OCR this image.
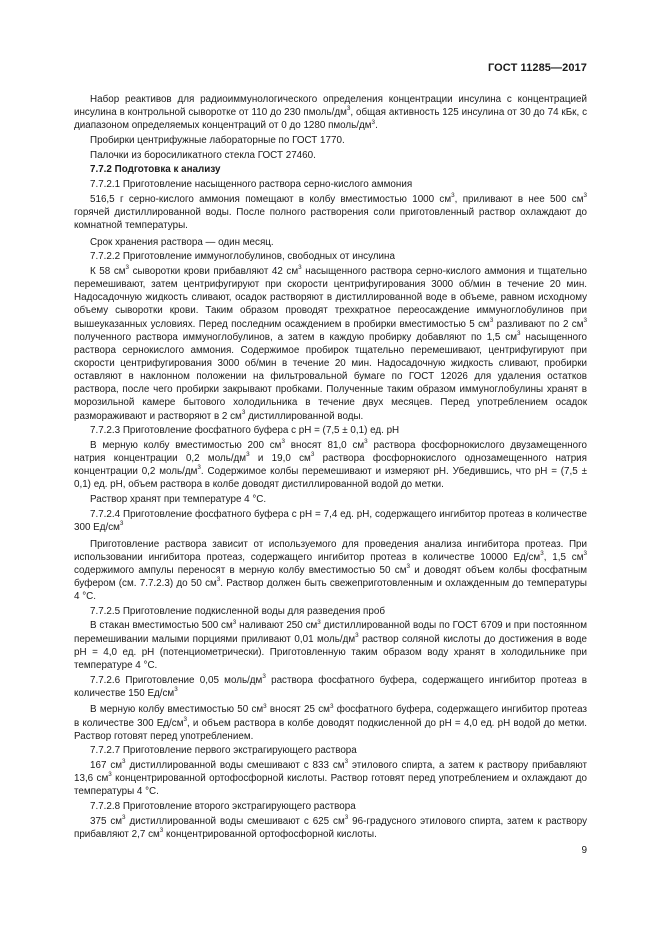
ГОСТ 11285—2017

Набор реактивов для радиоиммунологического определения концентрации инсулина с концентрацией инсулина в контрольной сыворотке от 110 до 230 пмоль/$дм^3$, общая активность 125 инсулина от 30 до 74 кБк, с диапазоном определяемых концентраций от 0 до 1280 пмоль/$дм^3$.

Пробирки центрифужные лабораторные по ГОСТ 1770.

Палочки из боросиликатного стекла ГОСТ 27460.

7.7.2 Подготовка к анализу

7.7.2.1 Приготовление насыщенного раствора серно-кислого аммония

516,5 г серно-кислого аммония помещают в колбу вместимостью 1000 $см^3$, приливают в нее 500 $см^3$ горячей дистиллированной воды. После полного растворения соли приготовленный раствор охлаждают до комнатной температуры.

Срок хранения раствора — один месяц.

7.7.2.2 Приготовление иммуноглобулинов, свободных от инсулина

К 58 $см^3$ сыворотки крови прибавляют 42 $см^3$ насыщенного раствора серно-кислого аммония и тщательно перемешивают, затем центрифугируют при скорости центрифугирования 3000 об/мин в течение 20 мин. Надосадочную жидкость сливают, осадок растворяют в дистиллированной воде в объеме, равном исходному объему сыворотки крови. Таким образом проводят трехкратное переосаждение иммуноглобулинов при вышеуказанных условиях. Перед последним осаждением в пробирки вместимостью 5 $см^3$ разливают по 2 $см^3$ полученного раствора иммуноглобулинов, а затем в каждую пробирку добавляют по 1,5 $см^3$ насыщенного раствора сернокислого аммония. Содержимое пробирок тщательно перемешивают, центрифугируют при скорости центрифугирования 3000 об/мин в течение 20 мин. Надосадочную жидкость сливают, пробирки оставляют в наклонном положении на фильтровальной бумаге по ГОСТ 12026 для удаления остатков раствора, после чего пробирки закрывают пробками. Полученные таким образом иммуноглобулины хранят в морозильной камере бытового холодильника в течение двух месяцев. Перед употреблением осадок размораживают и растворяют в 2 $см^3$ дистиллированной воды.

7.7.2.3 Приготовление фосфатного буфера с рН = (7,5 ± 0,1) ед. рН

В мерную колбу вместимостью 200 $см^3$ вносят 81,0 $см^3$ раствора фосфорнокислого двузамещенного натрия концентрации 0,2 моль/$дм^3$ и 19,0 $см^3$ раствора фосфорнокислого однозамещенного натрия концентрации 0,2 моль/$дм^3$. Содержимое колбы перемешивают и измеряют рН. Убедившись, что рН = (7,5 ± 0,1) ед. рН, объем раствора в колбе доводят дистиллированной водой до метки.

Раствор хранят при температуре 4 °С.

7.7.2.4 Приготовление фосфатного буфера с рН = 7,4 ед. рН, содержащего ингибитор протеаз в количестве 300 $Ед/см^3$

Приготовление раствора зависит от используемого для проведения анализа ингибитора протеаз. При использовании ингибитора протеаз, содержащего ингибитор протеаз в количестве 10000 $Ед/см^3$, 1,5 $см^3$ содержимого ампулы переносят в мерную колбу вместимостью 50 $см^3$ и доводят объем колбы фосфатным буфером (см. 7.7.2.3) до 50 $см^3$. Раствор должен быть свежеприготовленным и охлажденным до температуры 4 °С.

7.7.2.5 Приготовление подкисленной воды для разведения проб

В стакан вместимостью 500 $см^3$ наливают 250 $см^3$ дистиллированной воды по ГОСТ 6709 и при постоянном перемешивании малыми порциями приливают 0,01 моль/$дм^3$ раствор соляной кислоты до достижения в воде рН = 4,0 ед. рН (потенциометрически). Приготовленную таким образом воду хранят в холодильнике при температуре 4 °С.

7.7.2.6 Приготовление 0,05 моль/$дм^3$ раствора фосфатного буфера, содержащего ингибитор протеаз в количестве 150 $Ед/см^3$

В мерную колбу вместимостью 50 $см^3$ вносят 25 $см^3$ фосфатного буфера, содержащего ингибитор протеаз в количестве 300 $Ед/см^3$, и объем раствора в колбе доводят подкисленной до рН = 4,0 ед. рН водой до метки. Раствор готовят перед употреблением.

7.7.2.7 Приготовление первого экстрагирующего раствора

167 $см^3$ дистиллированной воды смешивают с 833 $см^3$ этилового спирта, а затем к раствору прибавляют 13,6 $см^3$ концентрированной ортофосфорной кислоты. Раствор готовят перед употреблением и охлаждают до температуры 4 °С.

7.7.2.8 Приготовление второго экстрагирующего раствора

375 $см^3$ дистиллированной воды смешивают с 625 $см^3$ 96-градусного этилового спирта, затем к раствору прибавляют 2,7 $см^3$ концентрированной ортофосфорной кислоты.

9
